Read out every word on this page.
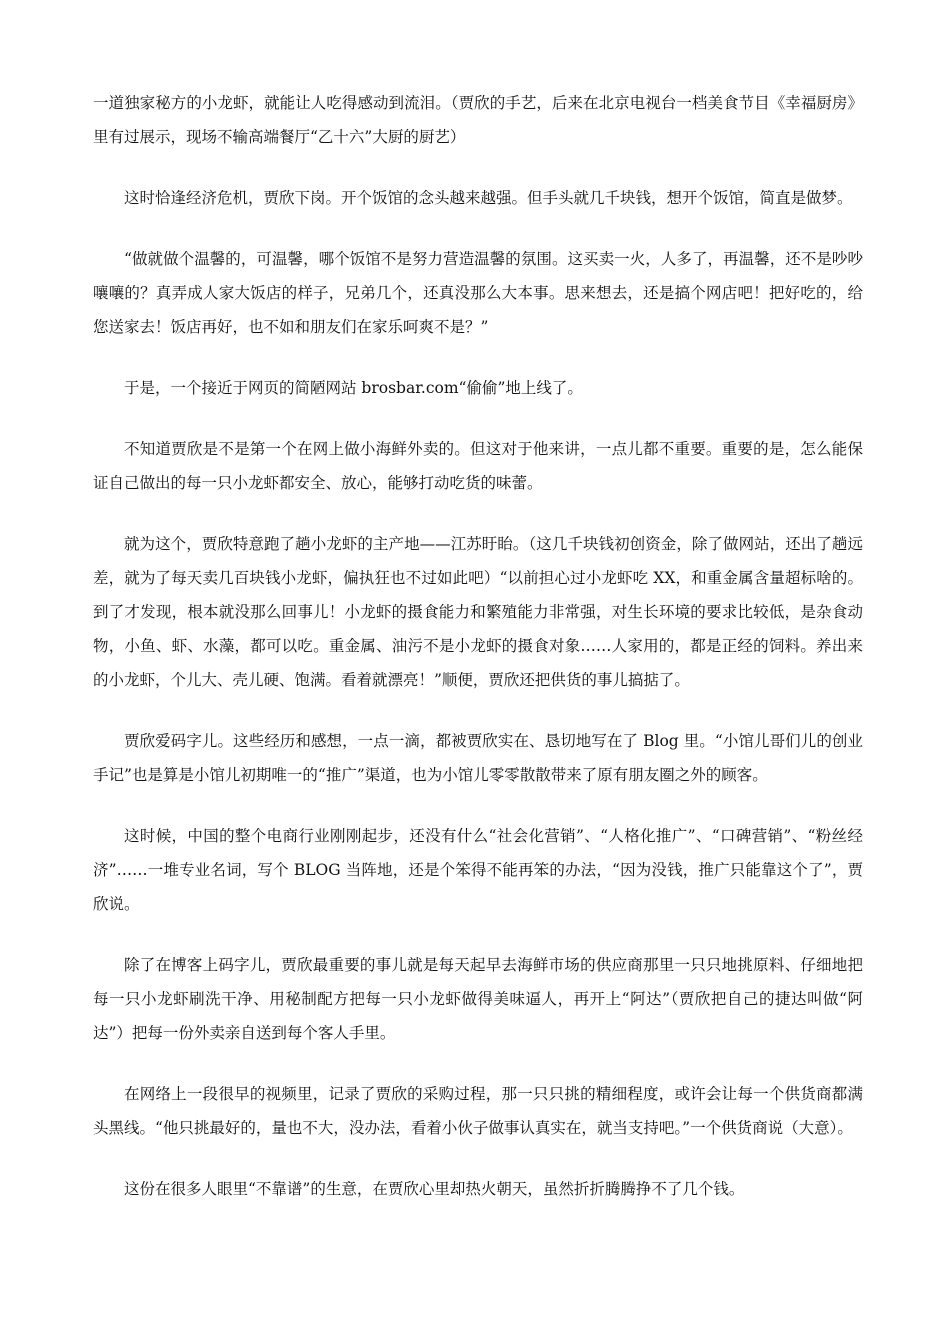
一道独家秘方的小龙虾，就能让人吃得感动到流泪。（贾欣的手艺，后来在北京电视台一档美食节目《幸福厨房》里有过展示，现场不输高端餐厅“乙十六”大厨的厨艺）

这时恰逢经济危机，贾欣下岗。开个饭馆的念头越来越强。但手头就几千块钱，想开个饭馆，简直是做梦。

“做就做个温馨的，可温馨，哪个饭馆不是努力营造温馨的氛围。这买卖一火，人多了，再温馨，还不是吵吵嚷嚷的？真弄成人家大饭店的样子，兄弟几个，还真没那么大本事。思来想去，还是搞个网店吧！把好吃的，给您送家去！饭店再好，也不如和朋友们在家乐呵爽不是？”

于是，一个接近于网页的简陋网站 brosbar.com“偷偷”地上线了。

不知道贾欣是不是第一个在网上做小海鲜外卖的。但这对于他来讲，一点儿都不重要。重要的是，怎么能保证自己做出的每一只小龙虾都安全、放心，能够打动吃货的味蕾。

就为这个，贾欣特意跑了趟小龙虾的主产地——江苏盱眙。（这几千块钱初创资金，除了做网站，还出了趟远差，就为了每天卖几百块钱小龙虾，偏执狂也不过如此吧）“以前担心过小龙虾吃 XX，和重金属含量超标啥的。到了才发现，根本就没那么回事儿！小龙虾的摄食能力和繁殖能力非常强，对生长环境的要求比较低，是杂食动物，小鱼、虾、水藻，都可以吃。重金属、油污不是小龙虾的摄食对象……人家用的，都是正经的饲料。养出来的小龙虾，个儿大、壳儿硬、饱满。看着就漂亮！”顺便，贾欣还把供货的事儿搞掂了。

贾欣爱码字儿。这些经历和感想，一点一滴，都被贾欣实在、恳切地写在了 Blog 里。“小馆儿哥们儿的创业手记”也是算是小馆儿初期唯一的“推广”渠道，也为小馆儿零零散散带来了原有朋友圈之外的顾客。

这时候，中国的整个电商行业刚刚起步，还没有什么“社会化营销”、“人格化推广”、“口碑营销”、“粉丝经济”……一堆专业名词，写个 BLOG 当阵地，还是个笨得不能再笨的办法，“因为没钱，推广只能靠这个了”，贾欣说。

除了在博客上码字儿，贾欣最重要的事儿就是每天起早去海鲜市场的供应商那里一只只地挑原料、仔细地把每一只小龙虾刷洗干净、用秘制配方把每一只小龙虾做得美味逼人，再开上“阿达”（贾欣把自己的捷达叫做“阿达”）把每一份外卖亲自送到每个客人手里。

在网络上一段很早的视频里，记录了贾欣的采购过程，那一只只挑的精细程度，或许会让每一个供货商都满头黑线。“他只挑最好的，量也不大，没办法，看着小伙子做事认真实在，就当支持吧。”一个供货商说（大意）。

这份在很多人眼里“不靠谱”的生意，在贾欣心里却热火朝天，虽然折折腾腾挣不了几个钱。
